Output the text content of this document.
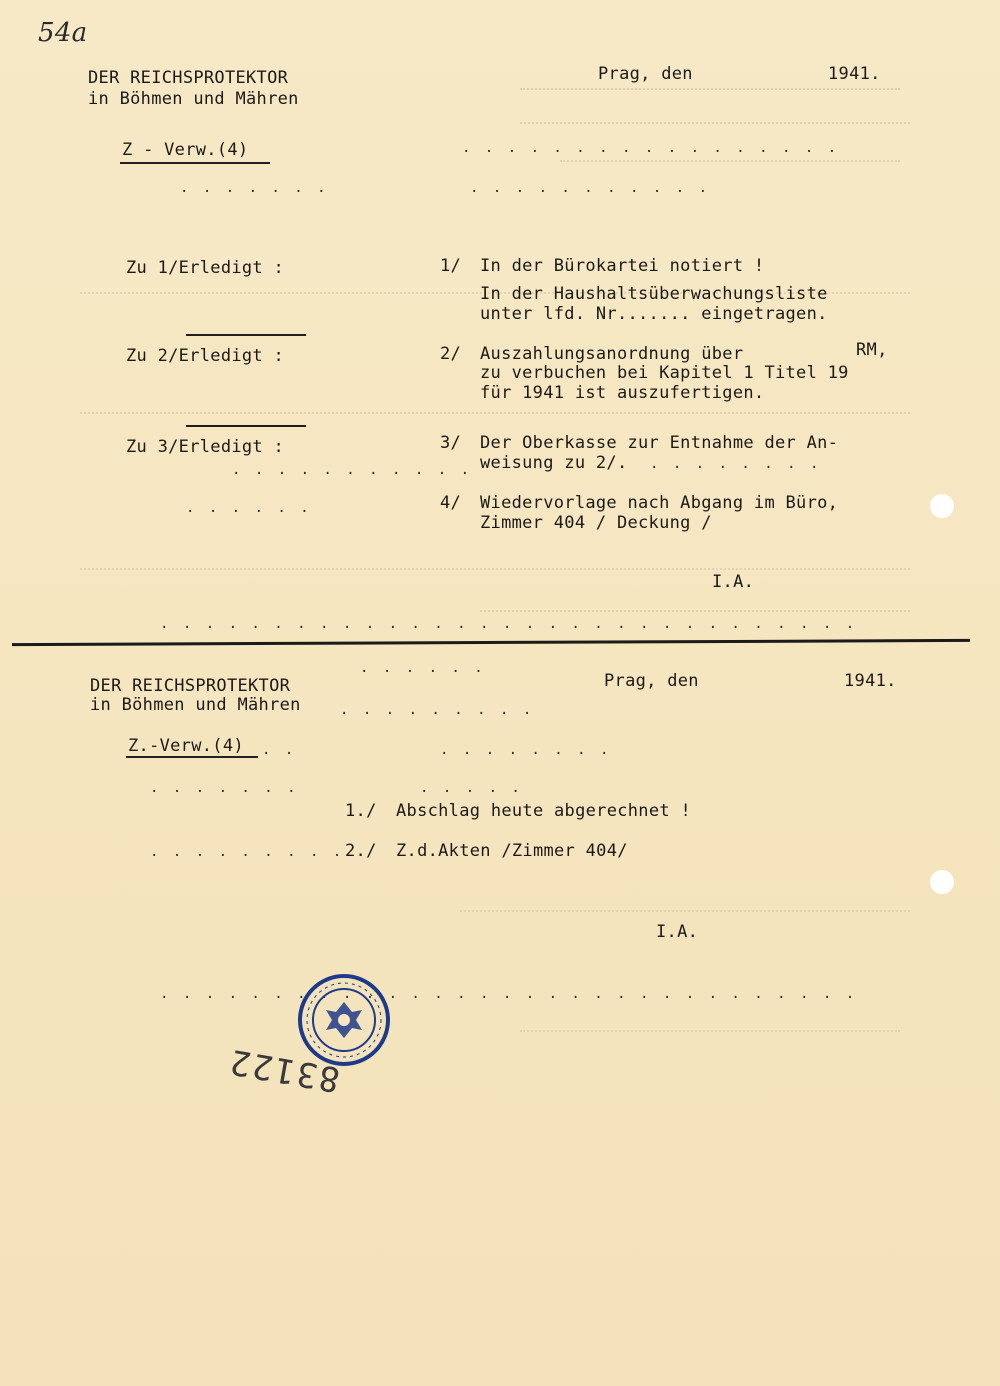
54a
DER REICHSPROTEKTOR
in Böhmen und Mähren
Prag, den	1941.
Z - Verw.(4)	. . . . . . . . . . . . . . . . .
. . . . . . .	. . . . . . . . . . .
Zu 1/Erledigt :	1/ In der Bürokartei notiert !
In der Haushaltsüberwachungsliste
unter lfd. Nr....... eingetragen.
Zu 2/Erledigt :	2/ Auszahlungsanordnung über	RM,
zu verbuchen bei Kapitel 1 Titel 19
für 1941 ist auszufertigen.
Zu 3/Erledigt :	3/ Der Oberkasse zur Entnahme der An-
weisung zu 2/. . . . . . . . .
. . . . . . . . . . .
. . . . . .	4/ Wiedervorlage nach Abgang im Büro,
Zimmer 404 / Deckung /
I.A.
. . . . . . . . . . . . . . . . . . . . . . . . . . . . . . .
DER REICHSPROTEKTOR
in Böhmen und Mähren
Prag, den	1941.
. . . . . .
. . . . . . . . .
Z.-Verw.(4) . .	. . . . . . . .
. . . . . . .	. . . . .
1./ Abschlag heute abgerechnet !
. . . . . . . . . 2./ Z.d.Akten /Zimmer 404/
I.A.
. . . . . . . . . . . . . . . . . . . . . . . . . . . . . . .
83122
